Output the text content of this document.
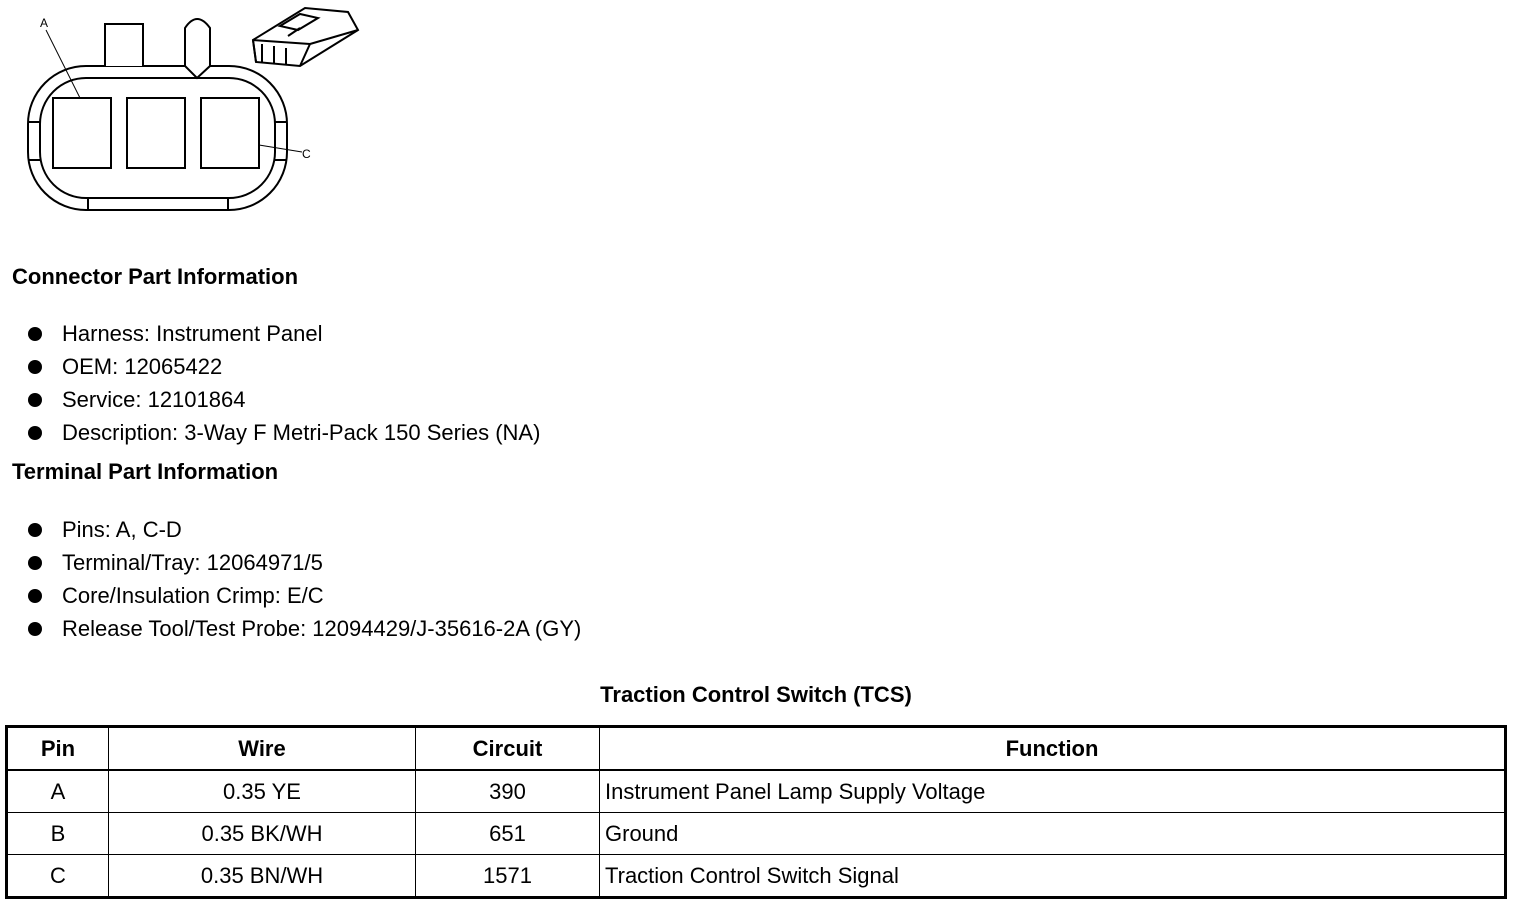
A
C
Connector Part Information
Harness: Instrument Panel
OEM: 12065422
Service: 12101864
Description: 3-Way F Metri-Pack 150 Series (NA)
Terminal Part Information
Pins: A, C-D
Terminal/Tray: 12064971/5
Core/Insulation Crimp: E/C
Release Tool/Test Probe: 12094429/J-35616-2A (GY)
Traction Control Switch (TCS)
Pin	Wire	Circuit	Function
A	0.35 YE	390	Instrument Panel Lamp Supply Voltage
B	0.35 BK/WH	651	Ground
C	0.35 BN/WH	1571	Traction Control Switch Signal
